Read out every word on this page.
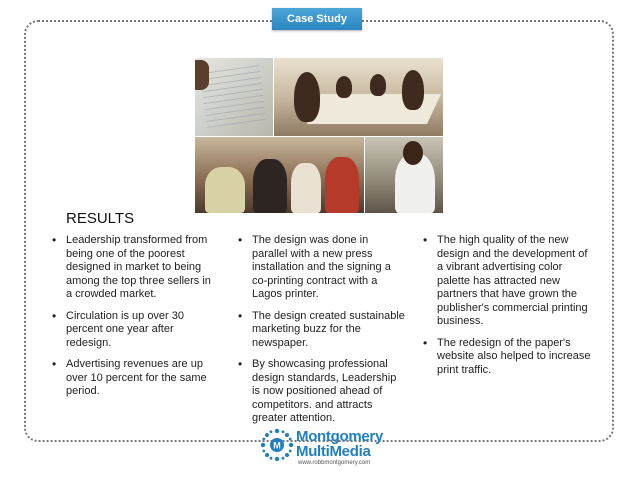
Case Study
RESULTS
• Leadership transformed from being one of the poorest designed in market to being among the top three sellers in a crowded market.
• Circulation is up over 30 percent one year after redesign.
• Advertising revenues are up over 10 percent for the same period.
• The design was done in parallel with a new press installation and the signing a co-printing contract with a Lagos printer.
• The design created sustainable marketing buzz for the newspaper.
• By showcasing professional design standards, Leadership is now positioned ahead of competitors. and attracts greater attention.
• The high quality of the new design and the development of a vibrant advertising color palette has attracted new partners that have grown the publisher's commercial printing business.
• The redesign of the paper's website also helped to increase print traffic.
M
Montgomery
MultiMedia
www.robbmontgomery.com
